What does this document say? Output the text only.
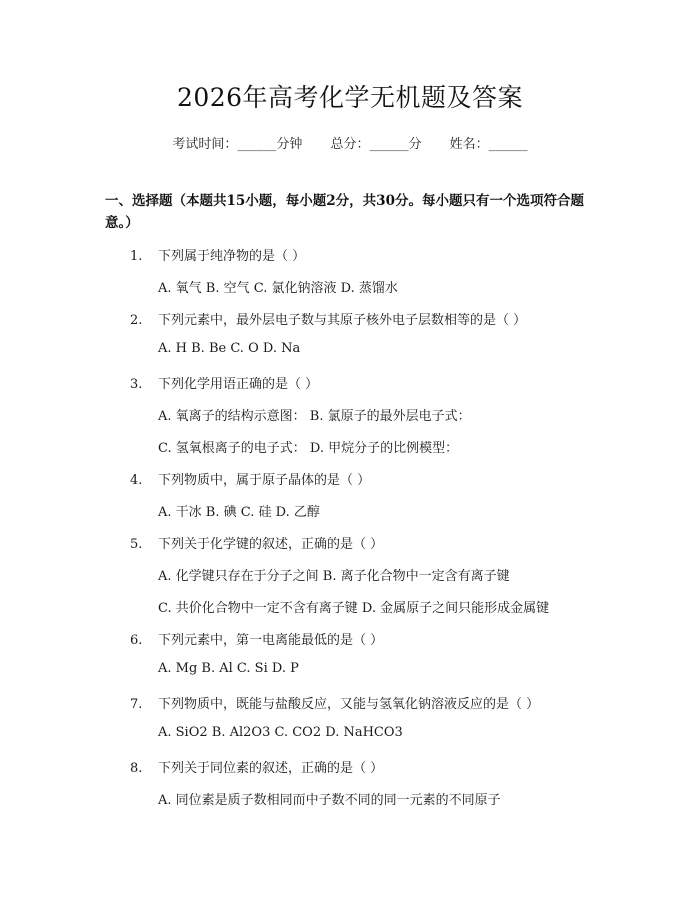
2026年高考化学无机题及答案
考试时间：______分钟 总分：______分 姓名：______
一、选择题（本题共15小题，每小题2分，共30分。每小题只有一个选项符合题意。）
1. 下列属于纯净物的是（ ）
A. 氧气 B. 空气 C. 氯化钠溶液 D. 蒸馏水
2. 下列元素中，最外层电子数与其原子核外电子层数相等的是（ ）
A. H B. Be C. O D. Na
3. 下列化学用语正确的是（ ）
A. 氧离子的结构示意图： B. 氯原子的最外层电子式：
C. 氢氧根离子的电子式： D. 甲烷分子的比例模型：
4. 下列物质中，属于原子晶体的是（ ）
A. 干冰 B. 碘 C. 硅 D. 乙醇
5. 下列关于化学键的叙述，正确的是（ ）
A. 化学键只存在于分子之间 B. 离子化合物中一定含有离子键
C. 共价化合物中一定不含有离子键 D. 金属原子之间只能形成金属键
6. 下列元素中，第一电离能最低的是（ ）
A. Mg B. Al C. Si D. P
7. 下列物质中，既能与盐酸反应，又能与氢氧化钠溶液反应的是（ ）
A. SiO2 B. Al2O3 C. CO2 D. NaHCO3
8. 下列关于同位素的叙述，正确的是（ ）
A. 同位素是质子数相同而中子数不同的同一元素的不同原子
